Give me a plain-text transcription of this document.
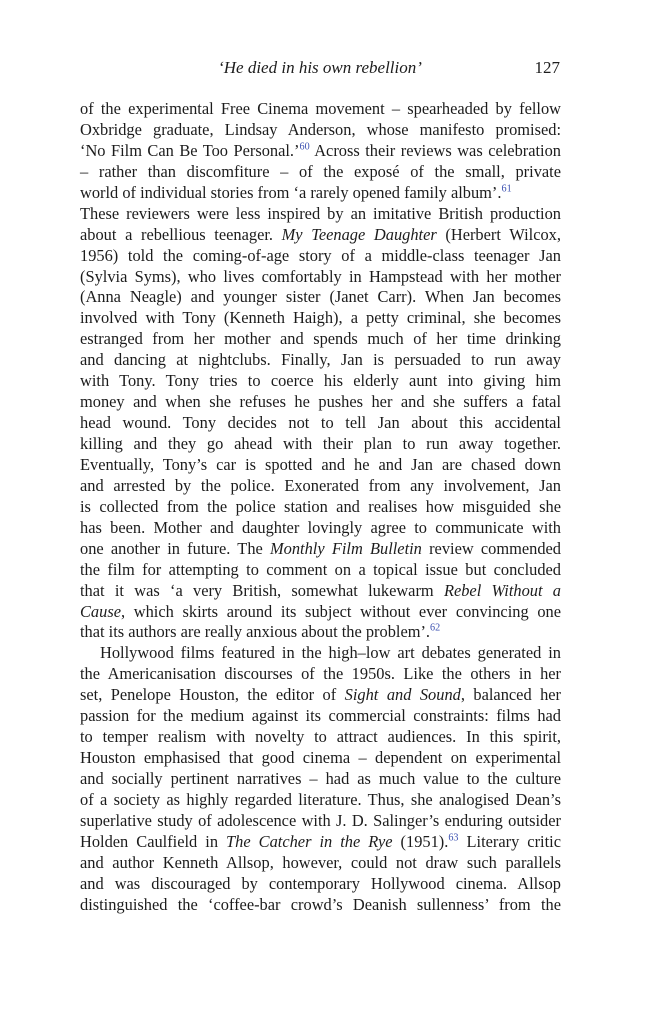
‘He died in his own rebellion’	127
of the experimental Free Cinema movement – spearheaded by fellow
Oxbridge graduate, Lindsay Anderson, whose manifesto promised:
‘No Film Can Be Too Personal.’$^{60}$ Across their reviews was celebration
– rather than discomfiture – of the exposé of the small, private
world of individual stories from ‘a rarely opened family album’.$^{61}$
These reviewers were less inspired by an imitative British production
about a rebellious teenager. My Teenage Daughter (Herbert Wilcox,
1956) told the coming-of-age story of a middle-class teenager Jan
(Sylvia Syms), who lives comfortably in Hampstead with her mother
(Anna Neagle) and younger sister (Janet Carr). When Jan becomes
involved with Tony (Kenneth Haigh), a petty criminal, she becomes
estranged from her mother and spends much of her time drinking
and dancing at nightclubs. Finally, Jan is persuaded to run away
with Tony. Tony tries to coerce his elderly aunt into giving him
money and when she refuses he pushes her and she suffers a fatal
head wound. Tony decides not to tell Jan about this accidental
killing and they go ahead with their plan to run away together.
Eventually, Tony’s car is spotted and he and Jan are chased down
and arrested by the police. Exonerated from any involvement, Jan
is collected from the police station and realises how misguided she
has been. Mother and daughter lovingly agree to communicate with
one another in future. The Monthly Film Bulletin review commended
the film for attempting to comment on a topical issue but concluded
that it was ‘a very British, somewhat lukewarm Rebel Without a
Cause, which skirts around its subject without ever convincing one
that its authors are really anxious about the problem’.$^{62}$
Hollywood films featured in the high–low art debates generated in
the Americanisation discourses of the 1950s. Like the others in her
set, Penelope Houston, the editor of Sight and Sound, balanced her
passion for the medium against its commercial constraints: films had
to temper realism with novelty to attract audiences. In this spirit,
Houston emphasised that good cinema – dependent on experimental
and socially pertinent narratives – had as much value to the culture
of a society as highly regarded literature. Thus, she analogised Dean’s
superlative study of adolescence with J. D. Salinger’s enduring outsider
Holden Caulfield in The Catcher in the Rye (1951).$^{63}$ Literary critic
and author Kenneth Allsop, however, could not draw such parallels
and was discouraged by contemporary Hollywood cinema. Allsop
distinguished the ‘coffee-bar crowd’s Deanish sullenness’ from the
